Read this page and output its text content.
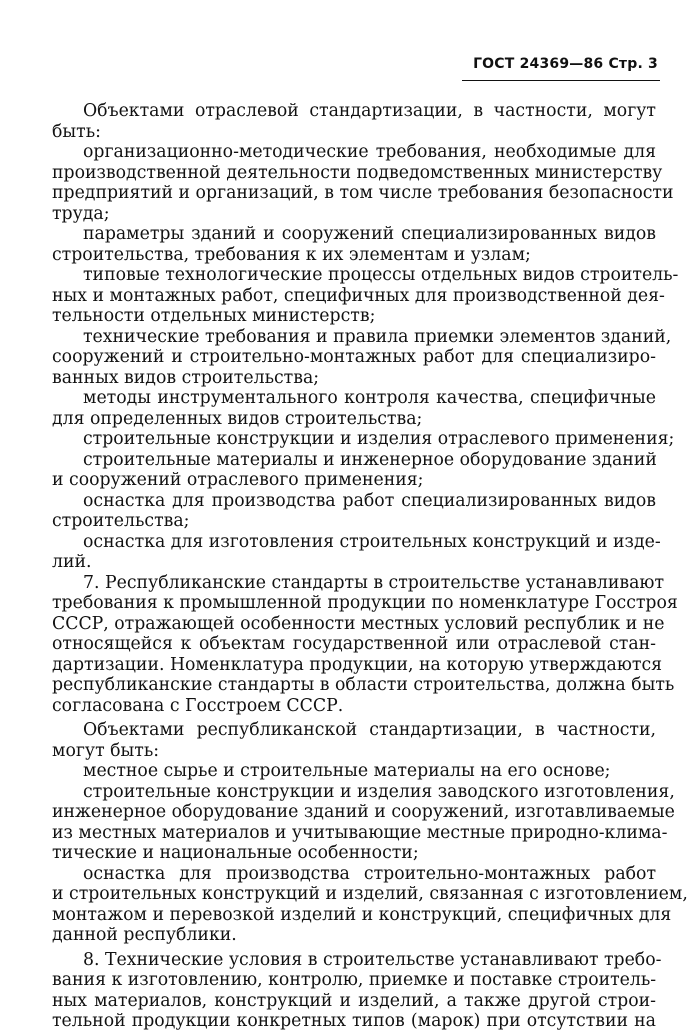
ГОСТ 24369—86 Стр. 3
Объектами отраслевой стандартизации, в частности, могут
быть:
организационно-методические требования, необходимые для
производственной деятельности подведомственных министерству
предприятий и организаций, в том числе требования безопасности
труда;
параметры зданий и сооружений специализированных видов
строительства, требования к их элементам и узлам;
типовые технологические процессы отдельных видов строитель-
ных и монтажных работ, специфичных для производственной дея-
тельности отдельных министерств;
технические требования и правила приемки элементов зданий,
сооружений и строительно-монтажных работ для специализиро-
ванных видов строительства;
методы инструментального контроля качества, специфичные
для определенных видов строительства;
строительные конструкции и изделия отраслевого применения;
строительные материалы и инженерное оборудование зданий
и сооружений отраслевого применения;
оснастка для производства работ специализированных видов
строительства;
оснастка для изготовления строительных конструкций и изде-
лий.
7. Республиканские стандарты в строительстве устанавливают
требования к промышленной продукции по номенклатуре Госстроя
СССР, отражающей особенности местных условий республик и не
относящейся к объектам государственной или отраслевой стан-
дартизации. Номенклатура продукции, на которую утверждаются
республиканские стандарты в области строительства, должна быть
согласована с Госстроем СССР.
Объектами республиканской стандартизации, в частности,
могут быть:
местное сырье и строительные материалы на его основе;
строительные конструкции и изделия заводского изготовления,
инженерное оборудование зданий и сооружений, изготавливаемые
из местных материалов и учитывающие местные природно-клима-
тические и национальные особенности;
оснастка для производства строительно-монтажных работ
и строительных конструкций и изделий, связанная с изготовлением,
монтажом и перевозкой изделий и конструкций, специфичных для
данной республики.
8. Технические условия в строительстве устанавливают требо-
вания к изготовлению, контролю, приемке и поставке строитель-
ных материалов, конструкций и изделий, а также другой строи-
тельной продукции конкретных типов (марок) при отсутствии на
